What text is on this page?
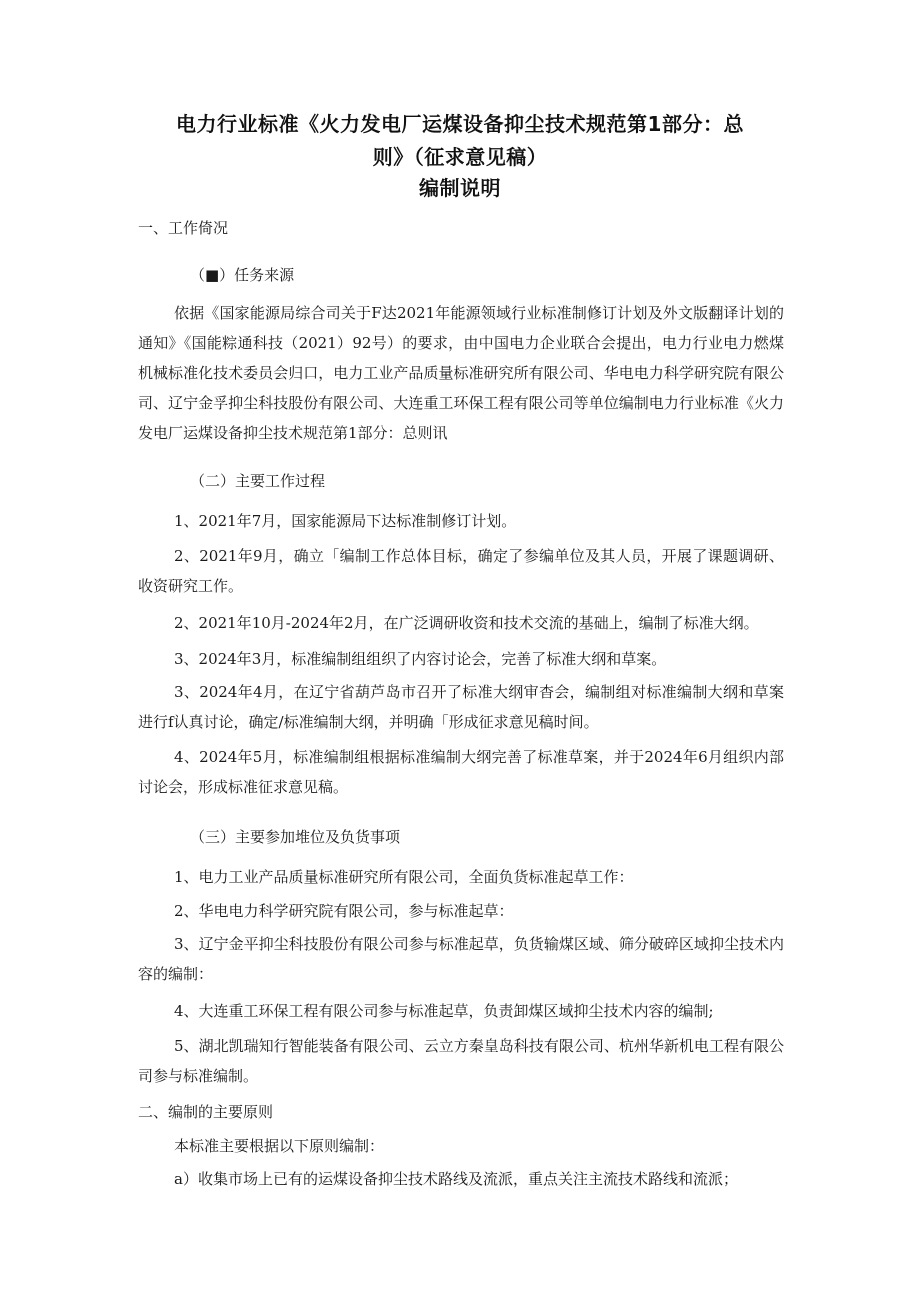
电力行业标准《火力发电厂运煤设备抑尘技术规范第1部分：总
则》（征求意见稿）
编制说明
一、工作倚况
（■）任务来源
依据《国家能源局综合司关于F达2021年能源领域行业标准制修订计划及外文版翻译计划的通知》《国能粽通科技（2021）92号）的要求，由中国电力企业联合会提出，电力行业电力燃煤机械标准化技术委员会归口，电力工业产品质量标准研究所有限公司、华电电力科学研究院有限公司、辽宁金孚抑尘科技股份有限公司、大连重工环保工程有限公司等单位编制电力行业标准《火力发电厂运煤设备抑尘技术规范第1部分：总则讯
（二）主要工作过程
1、2021年7月，国家能源局下达标准制修订计划。
2、2021年9月，确立「编制工作总体目标，确定了参编单位及其人员，开展了课题调研、收资研究工作。
2、2021年10月-2024年2月，在广泛调研收资和技术交流的基础上，编制了标准大纲。
3、2024年3月，标准编制组组织了内容讨论会，完善了标准大纲和草案。
3、2024年4月，在辽宁省葫芦岛市召开了标准大纲审杳会，编制组对标准编制大纲和草案进行f认真讨论，确定/标准编制大纲，并明确「形成征求意见稿时间。
4、2024年5月，标准编制组根据标准编制大纲完善了标准草案，并于2024年6月组织内部讨论会，形成标准征求意见稿。
（三）主要参加堆位及负货事项
1、电力工业产品质量标准研究所有限公司，全面负货标准起草工作：
2、华电电力科学研究院有限公司，参与标准起草：
3、辽宁金平抑尘科技股份有限公司参与标准起草，负货输煤区域、筛分破碎区域抑尘技术内容的编制：
4、大连重工环保工程有限公司参与标准起草，负责卸煤区域抑尘技术内容的编制;
5、湖北凯瑞知行智能装备有限公司、云立方秦皇岛科技有限公司、杭州华新机电工程有限公司参与标准编制。
二、编制的主要原则
本标准主要根据以下原则编制：
a）收集市场上已有的运煤设备抑尘技术路线及流派，重点关注主流技术路线和流派；
